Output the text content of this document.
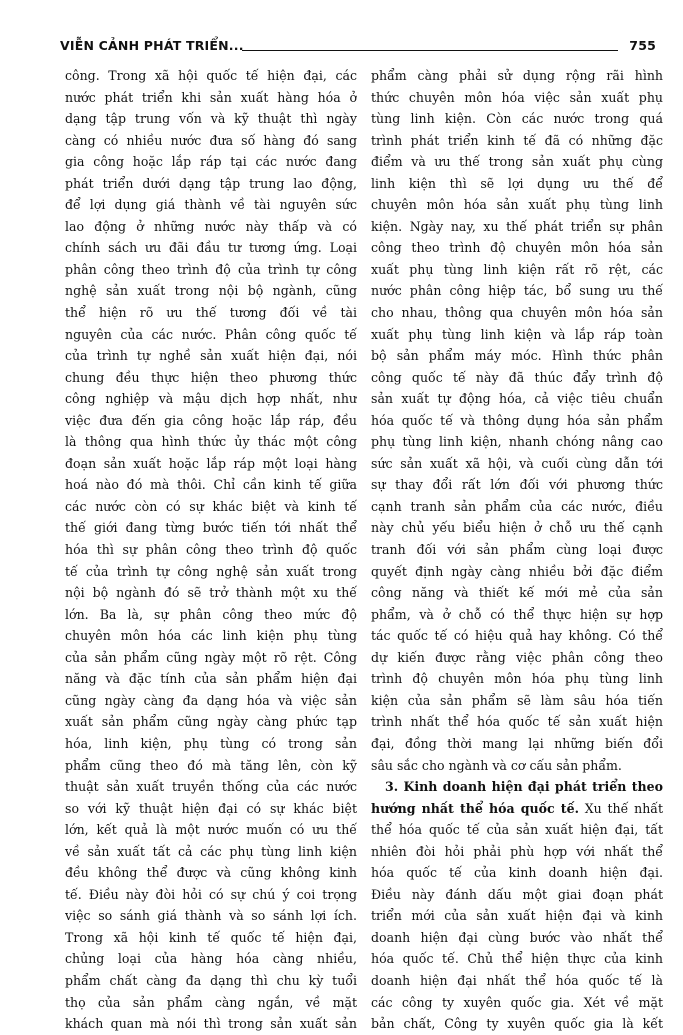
VIỄN CẢNH PHÁT TRIỂN...	755
công. Trong xã hội quốc tế hiện đại, các
nước phát triển khi sản xuất hàng hóa ở
dạng tập trung vốn và kỹ thuật thì ngày
càng có nhiều nước đưa số hàng đó sang
gia công hoặc lắp ráp tại các nước đang
phát triển dưới dạng tập trung lao động,
để lợi dụng giá thành về tài nguyên sức
lao động ở những nước này thấp và có
chính sách ưu đãi đầu tư tương ứng. Loại
phân công theo trình độ của trình tự công
nghệ sản xuất trong nội bộ ngành, cũng
thể hiện rõ ưu thế tương đối về tài
nguyên của các nước. Phân công quốc tế
của trình tự nghề sản xuất hiện đại, nói
chung đều thực hiện theo phương thức
công nghiệp và mậu dịch hợp nhất, như
việc đưa đến gia công hoặc lắp ráp, đều
là thông qua hình thức ủy thác một công
đoạn sản xuất hoặc lắp ráp một loại hàng
hoá nào đó mà thôi. Chỉ cần kinh tế giữa
các nước còn có sự khác biệt và kinh tế
thế giới đang từng bước tiến tới nhất thể
hóa thì sự phân công theo trình độ quốc
tế của trình tự công nghệ sản xuất trong
nội bộ ngành đó sẽ trở thành một xu thế
lớn. Ba là, sự phân công theo mức độ
chuyên môn hóa các linh kiện phụ tùng
của sản phẩm cũng ngày một rõ rệt. Công
năng và đặc tính của sản phẩm hiện đại
cũng ngày càng đa dạng hóa và việc sản
xuất sản phẩm cũng ngày càng phức tạp
hóa, linh kiện, phụ tùng có trong sản
phẩm cũng theo đó mà tăng lên, còn kỹ
thuật sản xuất truyền thống của các nước
so với kỹ thuật hiện đại có sự khác biệt
lớn, kết quả là một nước muốn có ưu thế
về sản xuất tất cả các phụ tùng linh kiện
đều không thể được và cũng không kinh
tế. Điều này đòi hỏi có sự chú ý coi trọng
việc so sánh giá thành và so sánh lợi ích.
Trong xã hội kinh tế quốc tế hiện đại,
chủng loại của hàng hóa càng nhiều,
phẩm chất càng đa dạng thì chu kỳ tuổi
thọ của sản phẩm càng ngắn, về mặt
khách quan mà nói thì trong sản xuất sản
phẩm càng phải sử dụng rộng rãi hình
thức chuyên môn hóa việc sản xuất phụ
tùng linh kiện. Còn các nước trong quá
trình phát triển kinh tế đã có những đặc
điểm và ưu thế trong sản xuất phụ cùng
linh kiện thì sẽ lợi dụng ưu thế để
chuyên môn hóa sản xuất phụ tùng linh
kiện. Ngày nay, xu thế phát triển sự phân
công theo trình độ chuyên môn hóa sản
xuất phụ tùng linh kiện rất rõ rệt, các
nước phân công hiệp tác, bổ sung ưu thế
cho nhau, thông qua chuyên môn hóa sản
xuất phụ tùng linh kiện và lắp ráp toàn
bộ sản phẩm máy móc. Hình thức phân
công quốc tế này đã thúc đẩy trình độ
sản xuất tự động hóa, cả việc tiêu chuẩn
hóa quốc tế và thông dụng hóa sản phẩm
phụ tùng linh kiện, nhanh chóng nâng cao
sức sản xuất xã hội, và cuối cùng dẫn tới
sự thay đổi rất lớn đối với phương thức
cạnh tranh sản phẩm của các nước, điều
này chủ yếu biểu hiện ở chỗ ưu thế cạnh
tranh đối với sản phẩm cùng loại được
quyết định ngày càng nhiều bởi đặc điểm
công năng và thiết kế mới mẻ của sản
phẩm, và ở chỗ có thể thực hiện sự hợp
tác quốc tế có hiệu quả hay không. Có thể
dự kiến được rằng việc phân công theo
trình độ chuyên môn hóa phụ tùng linh
kiện của sản phẩm sẽ làm sâu hóa tiến
trình nhất thể hóa quốc tế sản xuất hiện
đại, đồng thời mang lại những biến đổi
sâu sắc cho ngành và cơ cấu sản phẩm.
3. Kinh doanh hiện đại phát triển theo
hướng nhất thể hóa quốc tế. Xu thế nhất
thể hóa quốc tế của sản xuất hiện đại, tất
nhiên đòi hỏi phải phù hợp với nhất thể
hóa quốc tế của kinh doanh hiện đại.
Điều này đánh dấu một giai đoạn phát
triển mới của sản xuất hiện đại và kinh
doanh hiện đại cùng bước vào nhất thể
hóa quốc tế. Chủ thể hiện thực của kinh
doanh hiện đại nhất thể hóa quốc tế là
các công ty xuyên quốc gia. Xét về mặt
bản chất, Công ty xuyên quốc gia là kết
